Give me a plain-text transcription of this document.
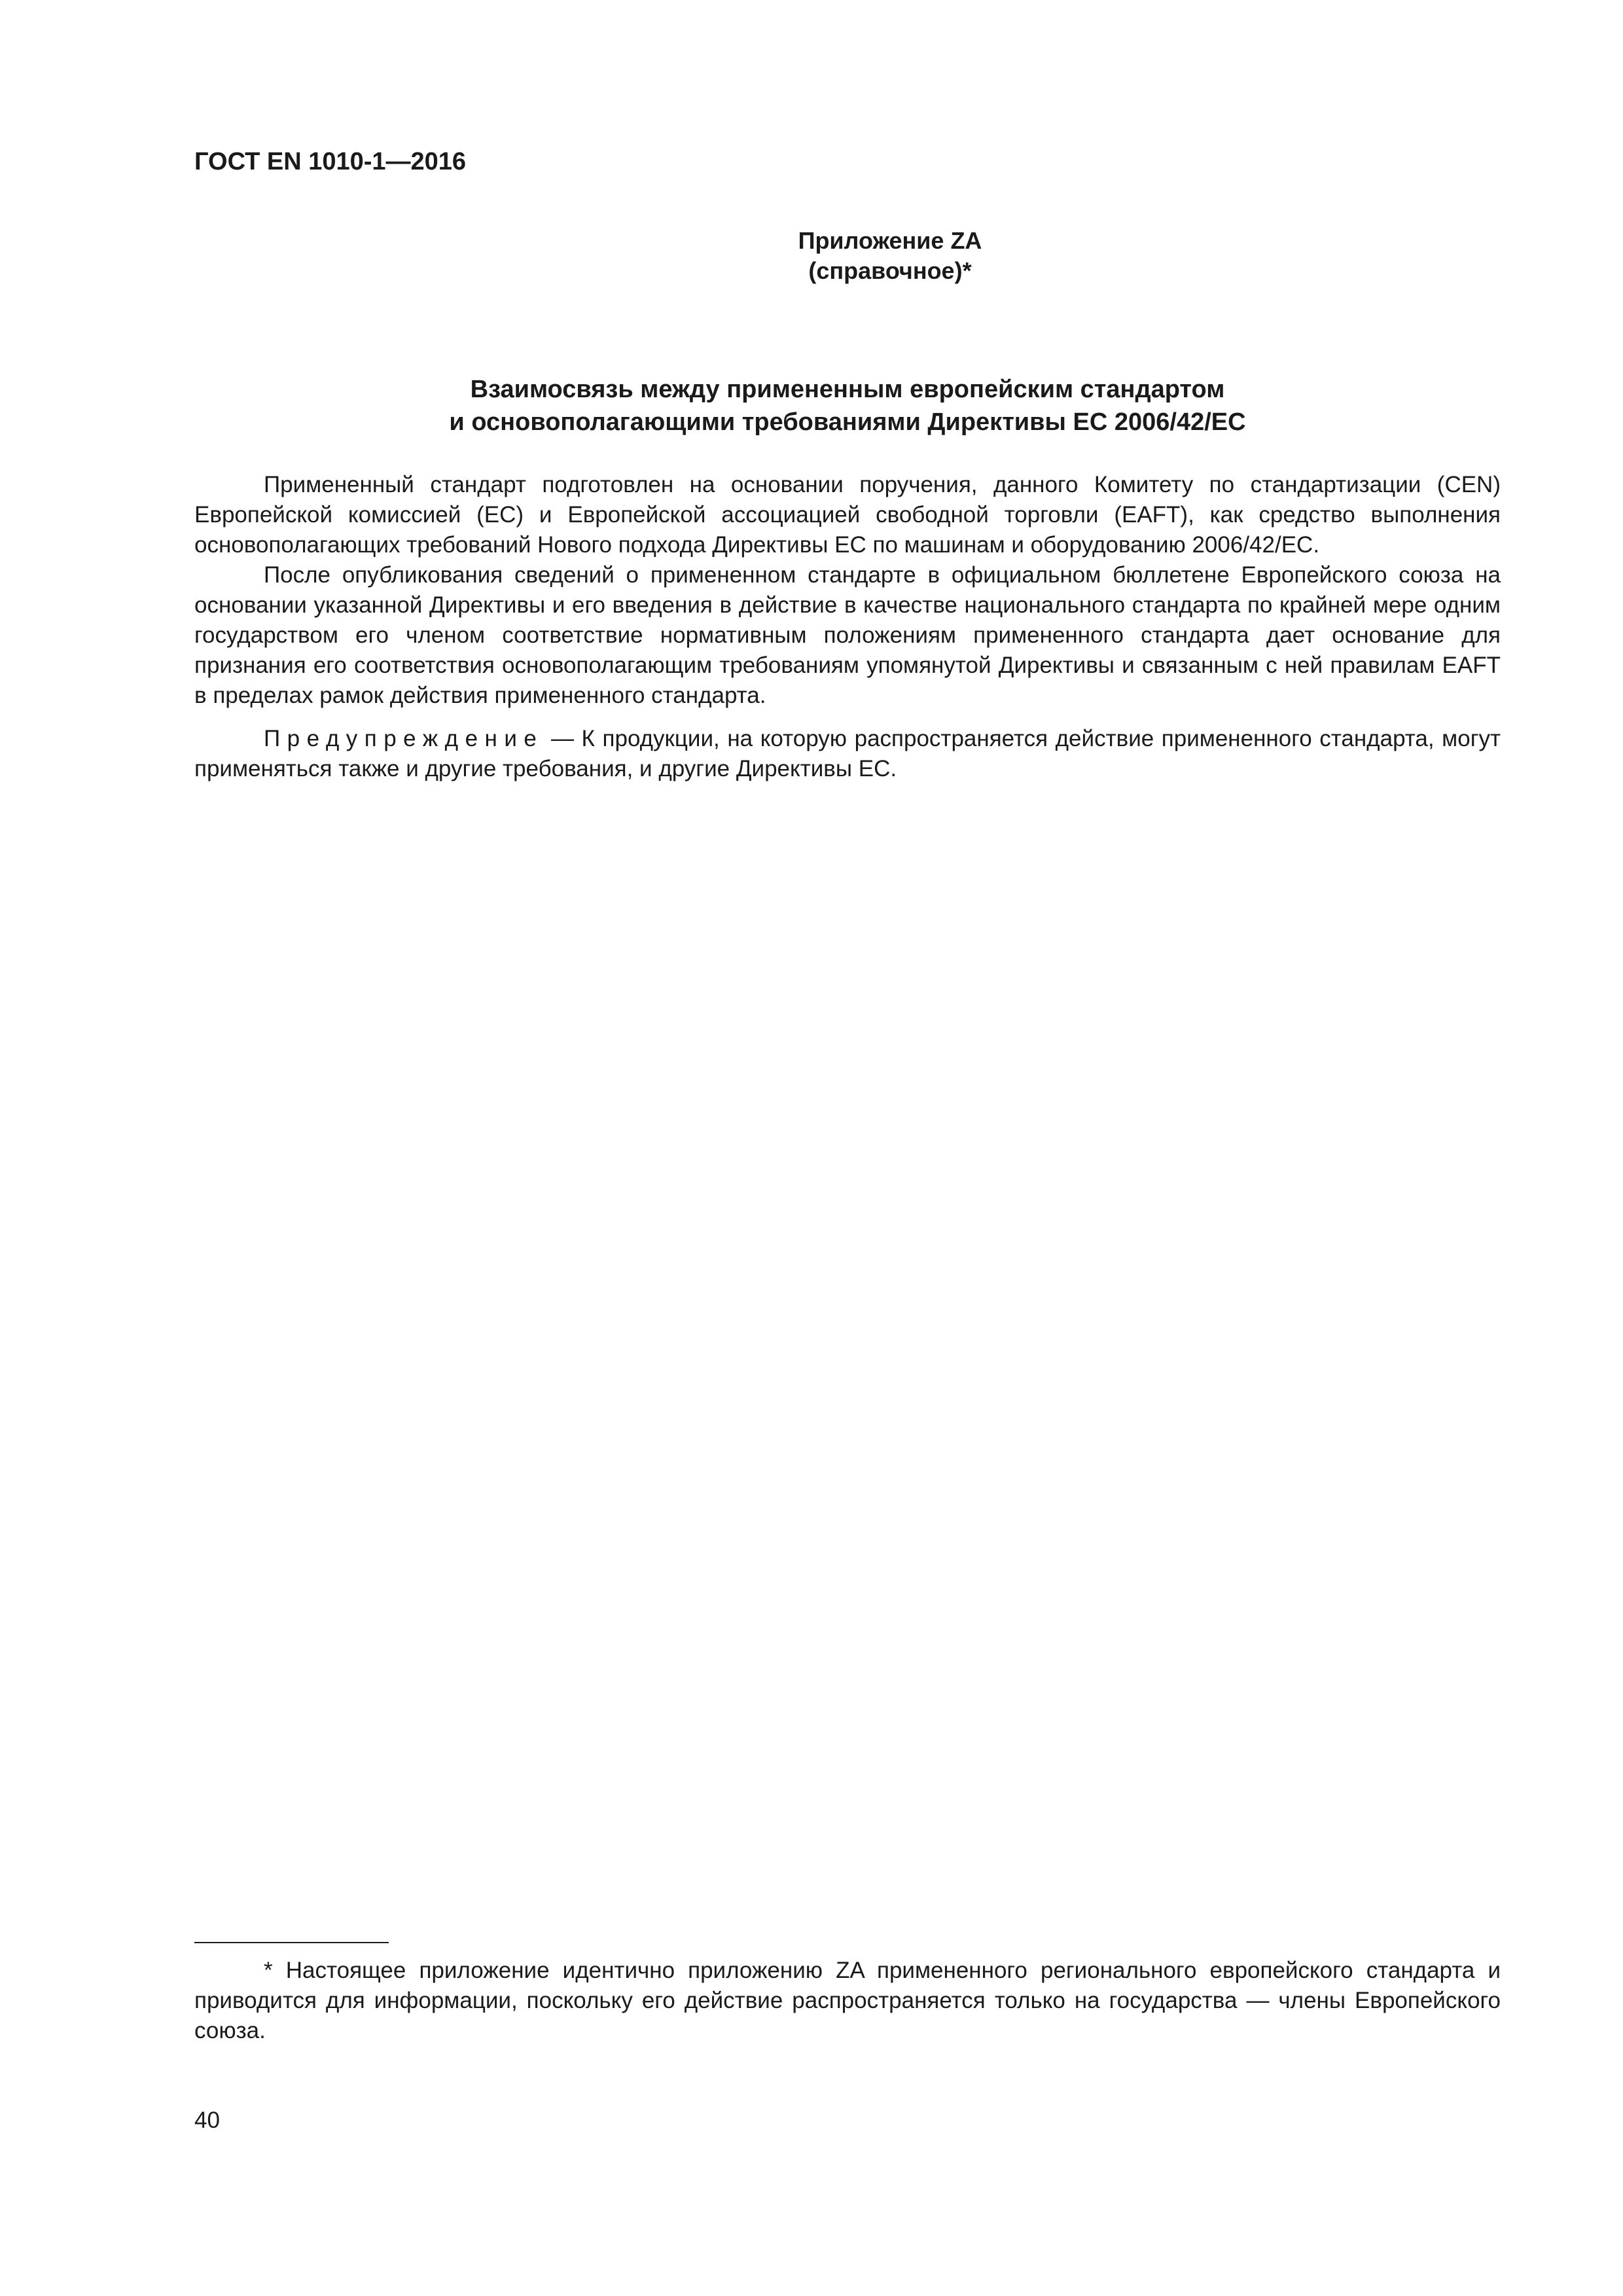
ГОСТ EN 1010-1—2016
Приложение ZA
(справочное)*
Взаимосвязь между примененным европейским стандартом
и основополагающими требованиями Директивы ЕС 2006/42/ЕС

Примененный стандарт подготовлен на основании поручения, данного Комитету по стандартизации (CEN) Европейской комиссией (ЕС) и Европейской ассоциацией свободной торговли (EAFT), как средство выполнения основополагающих требований Нового подхода Директивы ЕС по машинам и оборудованию 2006/42/ЕС.

После опубликования сведений о примененном стандарте в официальном бюллетене Европейского союза на основании указанной Директивы и его введения в действие в качестве национального стандарта по крайней мере одним государством его членом соответствие нормативным положениям примененного стандарта дает основание для признания его соответствия основополагающим требованиям упомянутой Директивы и связанным с ней правилам EAFT в пределах рамок действия примененного стандарта.

Предупреждение — К продукции, на которую распространяется действие примененного стандарта, могут применяться также и другие требования, и другие Директивы ЕС.

* Настоящее приложение идентично приложению ZA примененного регионального европейского стандарта и приводится для информации, поскольку его действие распространяется только на государства — члены Европейского союза.

40
